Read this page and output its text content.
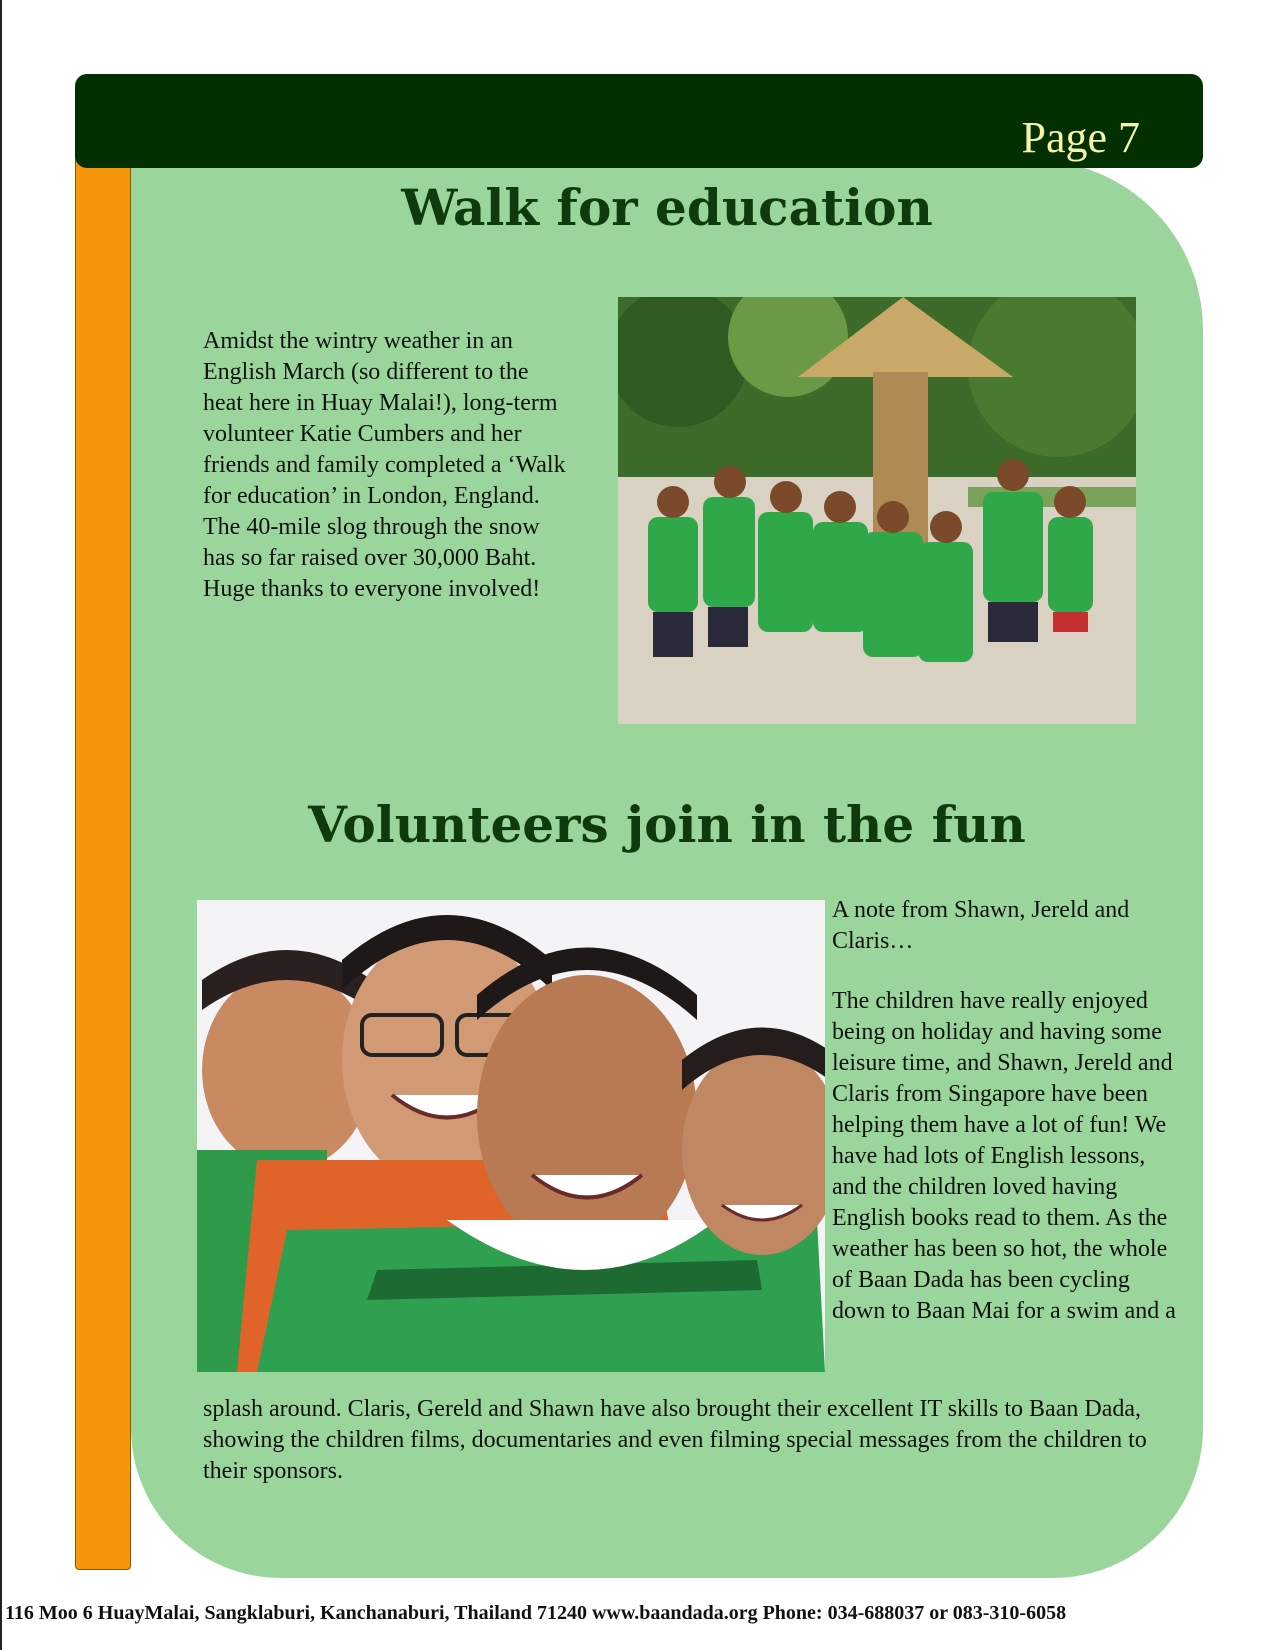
Page 7
Walk for education

Amidst the wintry weather in an English March (so different to the heat here in Huay Malai!), long-term volunteer Katie Cumbers and her friends and family completed a ‘Walk for education’ in London, England. The 40-mile slog through the snow has so far raised over 30,000 Baht. Huge thanks to everyone involved!

Volunteers join in the fun

A note from Shawn, Jereld and Claris…

The children have really enjoyed being on holiday and having some leisure time, and Shawn, Jereld and Claris from Singapore have been helping them have a lot of fun! We have had lots of English lessons, and the children loved having English books read to them. As the weather has been so hot, the whole of Baan Dada has been cycling down to Baan Mai for a swim and a

splash around. Claris, Gereld and Shawn have also brought their excellent IT skills to Baan Dada, showing the children films, documentaries and even filming special messages from the children to their sponsors.

116 Moo 6 HuayMalai, Sangklaburi, Kanchanaburi, Thailand 71240 www.baandada.org Phone: 034-688037 or 083-310-6058
